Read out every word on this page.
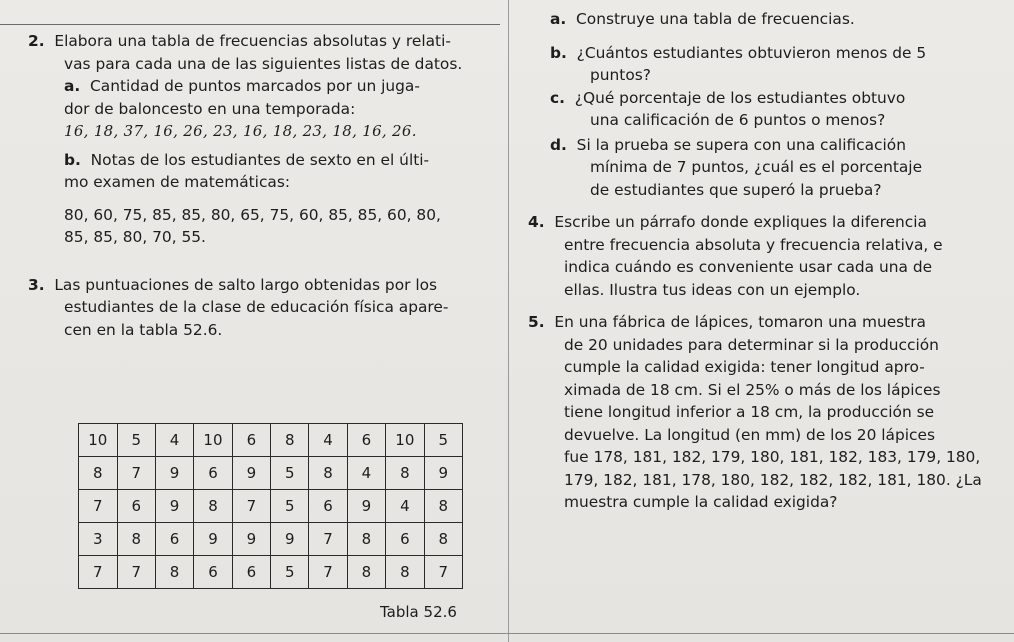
2. Elabora una tabla de frecuencias absolutas y relati-

vas para cada una de las siguientes listas de datos.

a. Cantidad de puntos marcados por un juga-

dor de baloncesto en una temporada:

16, 18, 37, 16, 26, 23, 16, 18, 23, 18, 16, 26.

b. Notas de los estudiantes de sexto en el últi-

mo examen de matemáticas:

80, 60, 75, 85, 85, 80, 65, 75, 60, 85, 85, 60, 80,

85, 85, 80, 70, 55.

3. Las puntuaciones de salto largo obtenidas por los

estudiantes de la clase de educación física apare-

cen en la tabla 52.6.

10	5	4	10	6	8	4	6	10	5
8	7	9	6	9	5	8	4	8	9
7	6	9	8	7	5	6	9	4	8
3	8	6	9	9	9	7	8	6	8
7	7	8	6	6	5	7	8	8	7
Tabla 52.6

a. Construye una tabla de frecuencias.

b. ¿Cuántos estudiantes obtuvieron menos de 5

puntos?

c. ¿Qué porcentaje de los estudiantes obtuvo

una calificación de 6 puntos o menos?

d. Si la prueba se supera con una calificación

mínima de 7 puntos, ¿cuál es el porcentaje

de estudiantes que superó la prueba?

4. Escribe un párrafo donde expliques la diferencia

entre frecuencia absoluta y frecuencia relativa, e

indica cuándo es conveniente usar cada una de

ellas. Ilustra tus ideas con un ejemplo.

5. En una fábrica de lápices, tomaron una muestra

de 20 unidades para determinar si la producción

cumple la calidad exigida: tener longitud apro-

ximada de 18 cm. Si el 25% o más de los lápices

tiene longitud inferior a 18 cm, la producción se

devuelve. La longitud (en mm) de los 20 lápices

fue 178, 181, 182, 179, 180, 181, 182, 183, 179, 180,

179, 182, 181, 178, 180, 182, 182, 182, 181, 180. ¿La

muestra cumple la calidad exigida?
